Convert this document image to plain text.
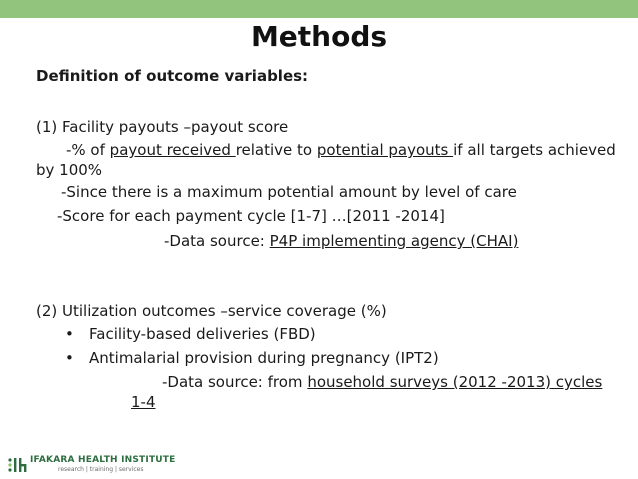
Methods
Definition of outcome variables:
(1) Facility payouts –payout score
-% of payout received relative to potential payouts if all targets achieved
by 100%
-Since there is a maximum potential amount by level of care
-Score for each payment cycle [1-7] …[2011 -2014]
-Data source: P4P implementing agency (CHAI)
(2) Utilization outcomes –service coverage (%)
• Facility-based deliveries (FBD)
• Antimalarial provision during pregnancy (IPT2)
-Data source: from household surveys (2012 -2013) cycles
1-4
IFAKARA HEALTH INSTITUTE
research | training | services
